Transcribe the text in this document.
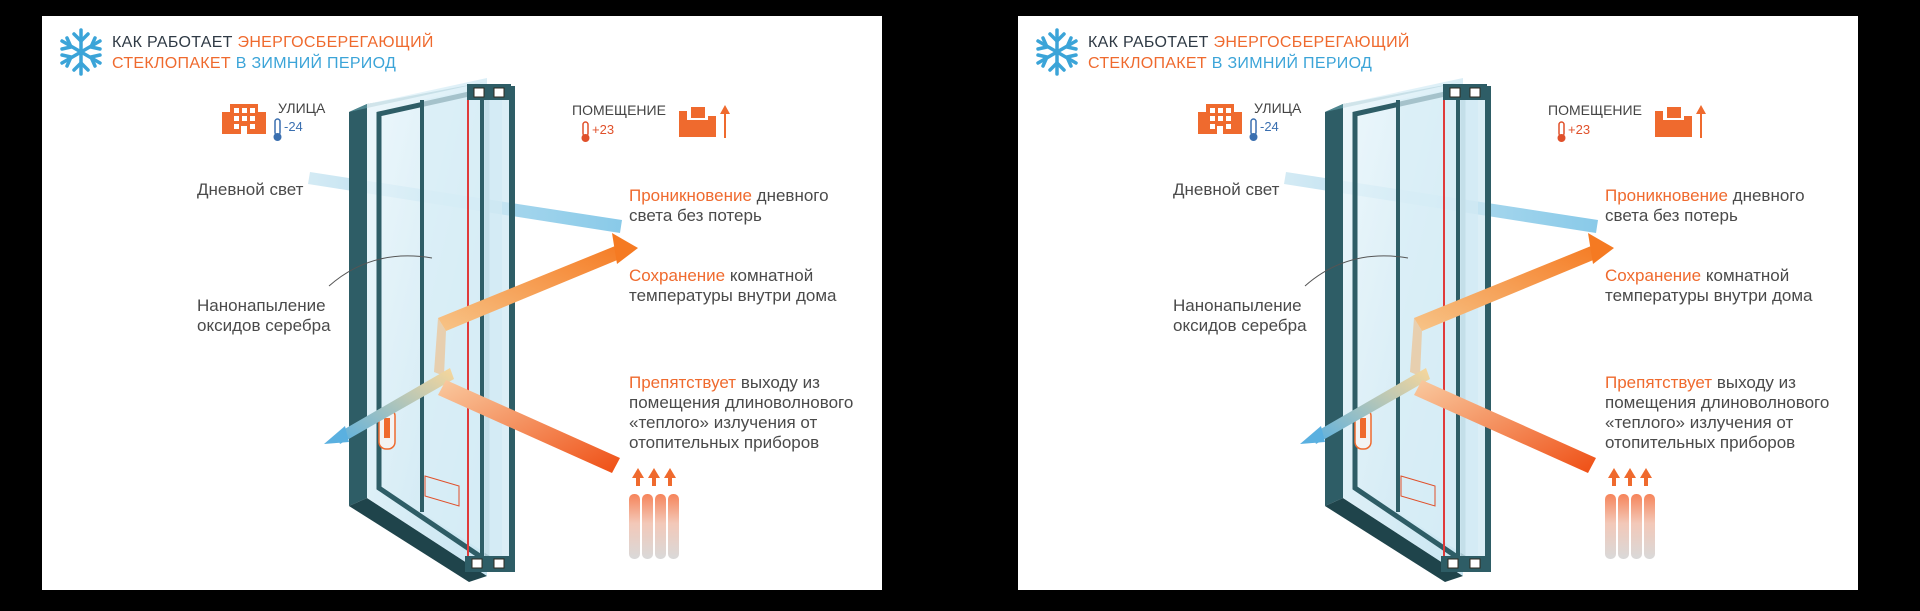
КАК РАБОТАЕТ ЭНЕРГОСБЕРЕГАЮЩИЙ
СТЕКЛОПАКЕТ В ЗИМНИЙ ПЕРИОД
УЛИЦА
-24
ПОМЕЩЕНИЕ
+23
Дневной свет
Нанонапыление
оксидов серебра
Проникновение дневного
света без потерь
Сохранение комнатной
температуры внутри дома
Препятствует выходу из
помещения длиноволнового
«теплого» излучения от
отопительных приборов
КАК РАБОТАЕТ ЭНЕРГОСБЕРЕГАЮЩИЙ
СТЕКЛОПАКЕТ В ЗИМНИЙ ПЕРИОД
УЛИЦА
-24
ПОМЕЩЕНИЕ
+23
Дневной свет
Нанонапыление
оксидов серебра
Проникновение дневного
света без потерь
Сохранение комнатной
температуры внутри дома
Препятствует выходу из
помещения длиноволнового
«теплого» излучения от
отопительных приборов
